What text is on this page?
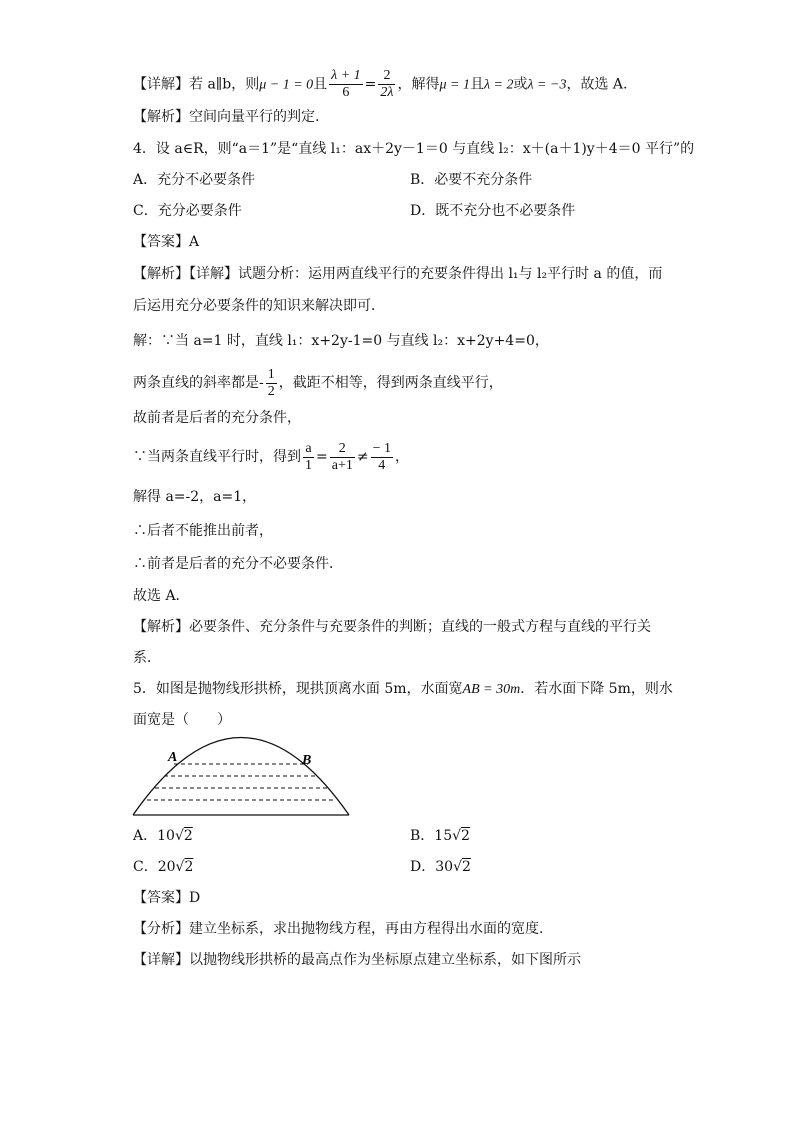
【详解】若 a∥b，则μ − 1 = 0且 $\frac{\lambda + 1}{6} = \frac{2}{2\lambda}$ ，解得μ = 1且λ = 2或λ = −3，故选 A.
【解析】空间向量平行的判定.
4．设 a∈R，则“a＝1”是“直线 l₁：ax＋2y－1＝0 与直线 l₂：x＋(a＋1)y＋4＝0 平行”的
A．充分不必要条件	B．必要不充分条件
C．充分必要条件	D．既不充分也不必要条件
【答案】A
【解析】【详解】试题分析：运用两直线平行的充要条件得出 l₁与 l₂平行时 a 的值，而
后运用充分必要条件的知识来解决即可．
解：∵当 a=1 时，直线 l₁：x+2y-1=0 与直线 l₂：x+2y+4=0，
两条直线的斜率都是- $\frac{1}{2}$ ，截距不相等，得到两条直线平行，
故前者是后者的充分条件，
∵当两条直线平行时，得到 $\frac{a}{1} = \frac{2}{a+1} \ne \frac{- 1}{4}$ ，
解得 a=-2，a=1，
∴后者不能推出前者，
∴前者是后者的充分不必要条件．
故选 A．
【解析】必要条件、充分条件与充要条件的判断；直线的一般式方程与直线的平行关
系．
5．如图是抛物线形拱桥，现拱顶离水面 5m，水面宽AB = 30m．若水面下降 5m，则水
面宽是（　　）
A	B
A．10√2	B．15√2
C．20√2	D．30√2
【答案】D
【分析】建立坐标系，求出抛物线方程，再由方程得出水面的宽度.
【详解】以抛物线形拱桥的最高点作为坐标原点建立坐标系，如下图所示
